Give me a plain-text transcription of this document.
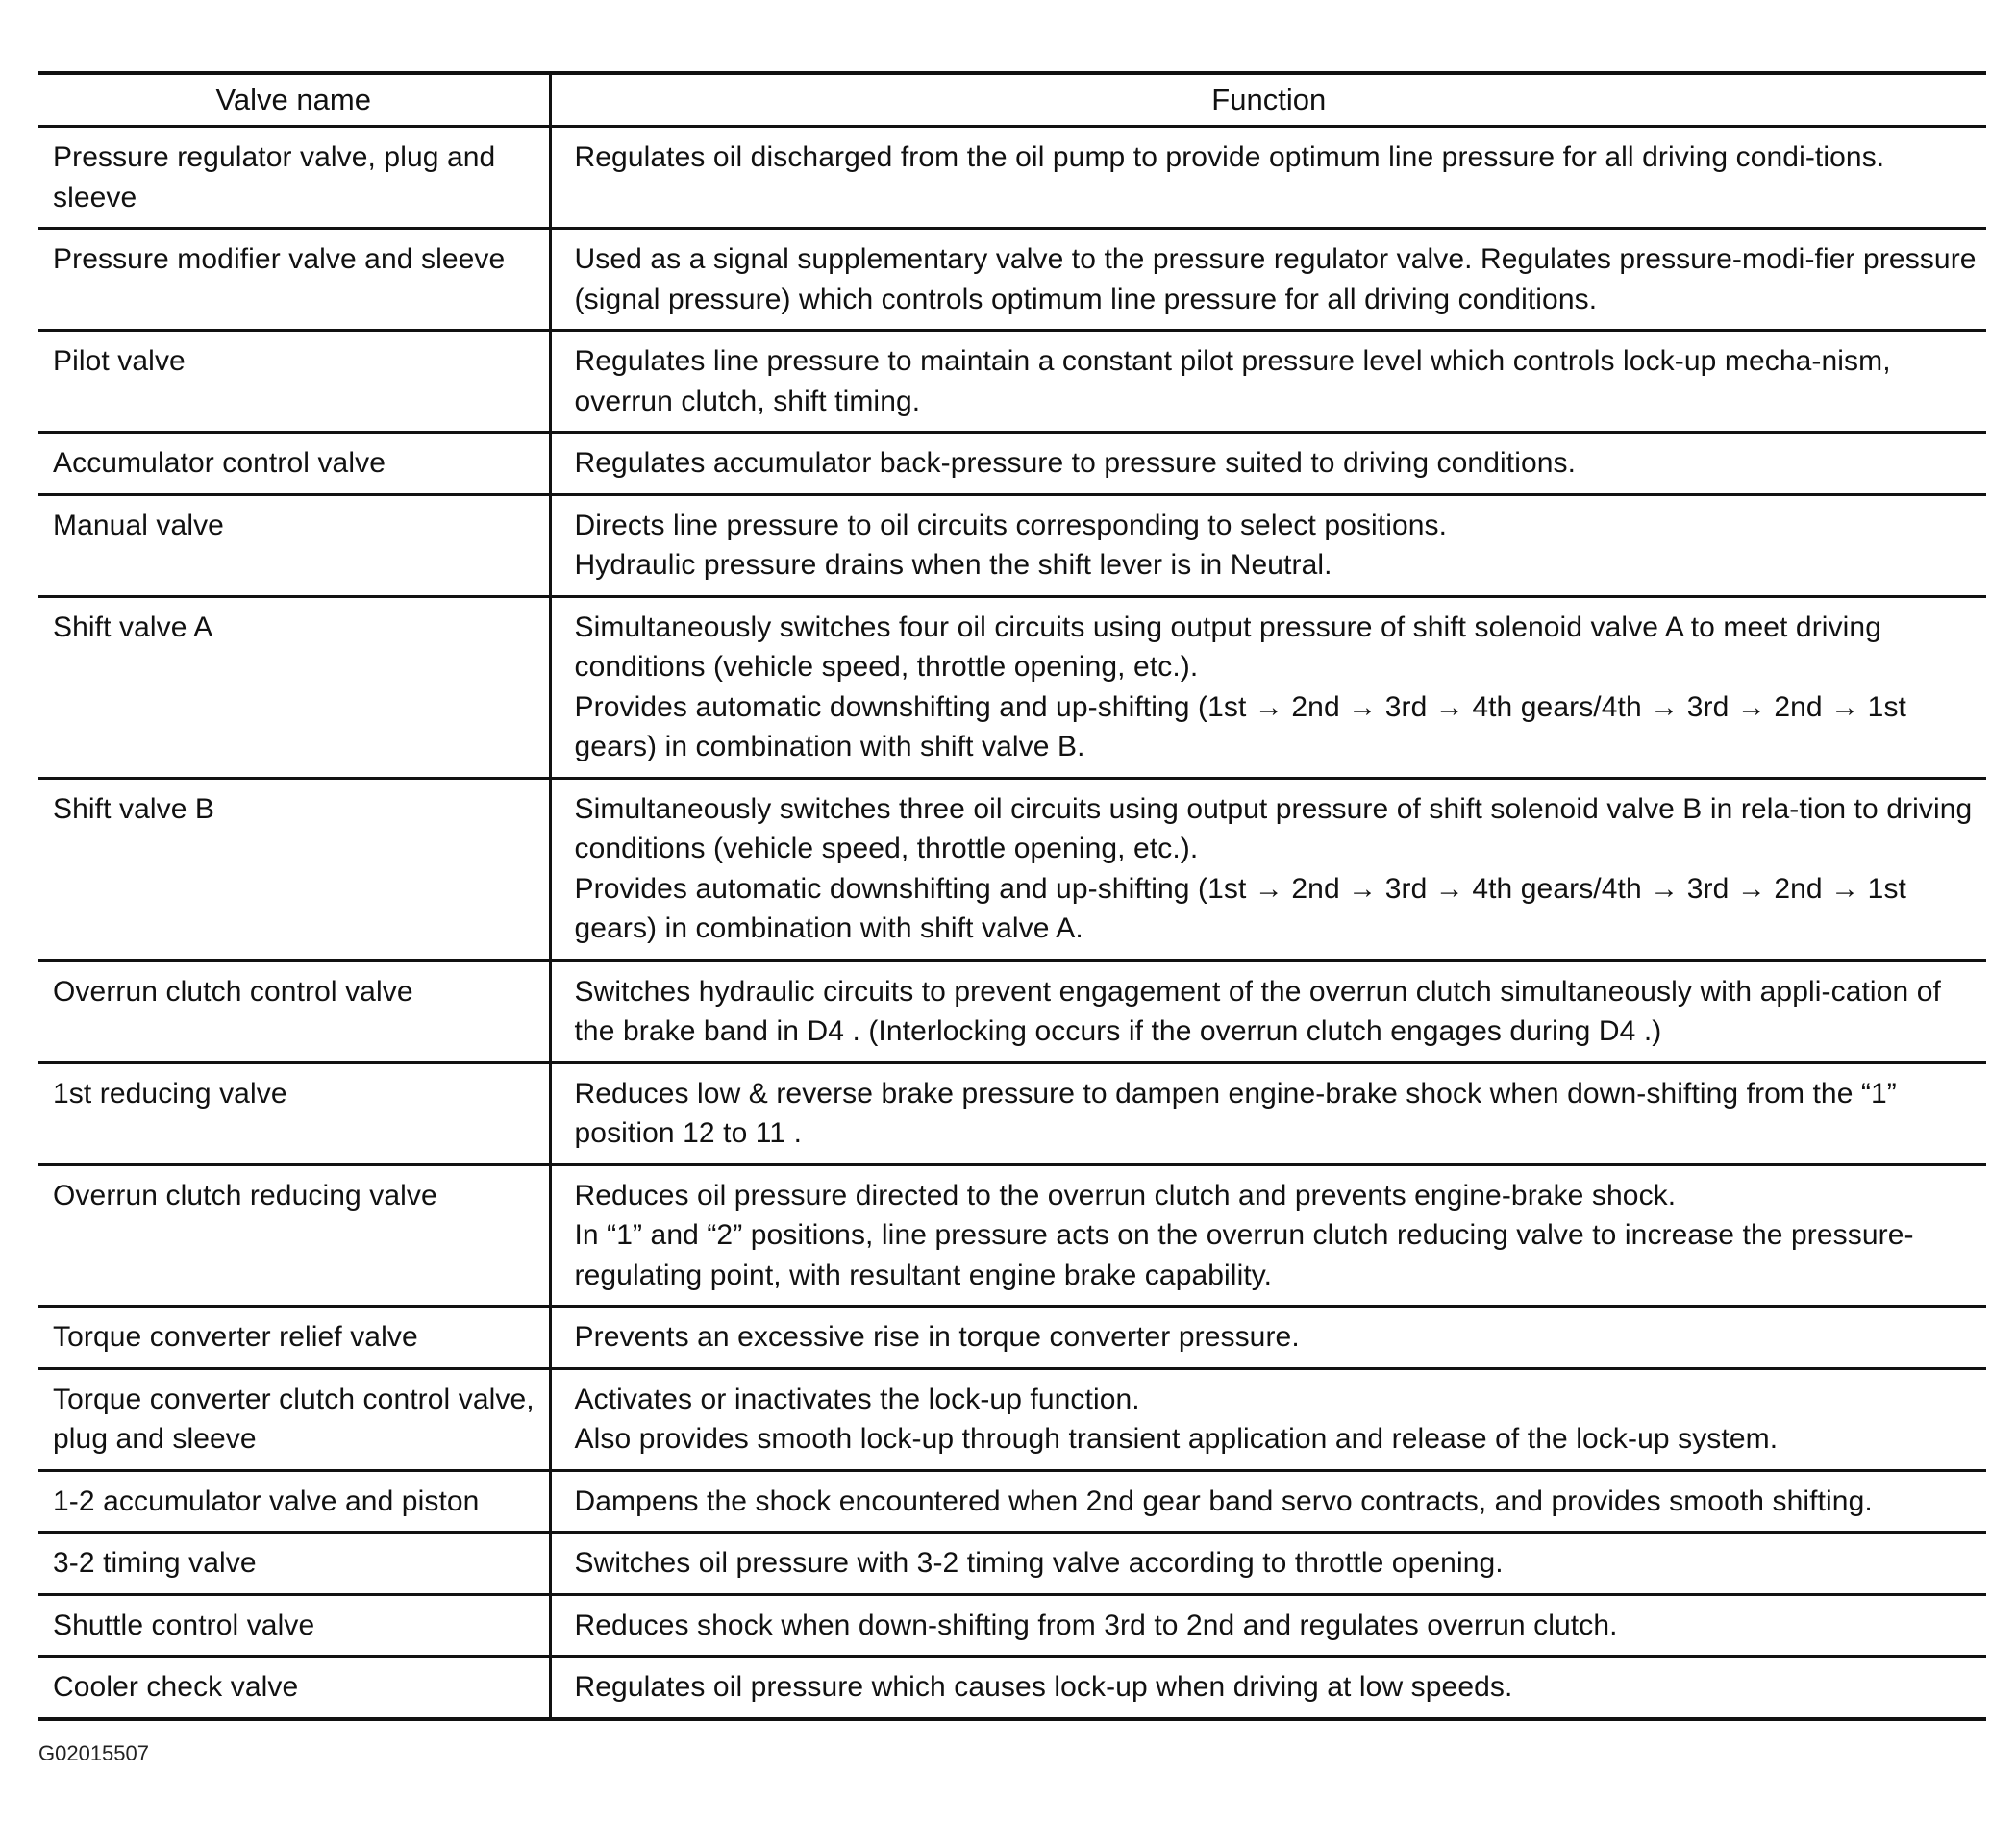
Valve name	Function
Pressure regulator valve, plug and sleeve	Regulates oil discharged from the oil pump to provide optimum line pressure for all driving condi-tions.

Pressure modifier valve and sleeve	Used as a signal supplementary valve to the pressure regulator valve. Regulates pressure-modi-fier pressure (signal pressure) which controls optimum line pressure for all driving conditions.

Pilot valve	Regulates line pressure to maintain a constant pilot pressure level which controls lock-up mecha-nism, overrun clutch, shift timing.

Accumulator control valve	Regulates accumulator back-pressure to pressure suited to driving conditions.

Manual valve	Directs line pressure to oil circuits corresponding to select positions.
Hydraulic pressure drains when the shift lever is in Neutral.

Shift valve A	Simultaneously switches four oil circuits using output pressure of shift solenoid valve A to meet driving conditions (vehicle speed, throttle opening, etc.).
Provides automatic downshifting and up-shifting (1st → 2nd → 3rd → 4th gears/4th → 3rd → 2nd → 1st gears) in combination with shift valve B.

Shift valve B	Simultaneously switches three oil circuits using output pressure of shift solenoid valve B in rela-tion to driving conditions (vehicle speed, throttle opening, etc.).
Provides automatic downshifting and up-shifting (1st → 2nd → 3rd → 4th gears/4th → 3rd → 2nd → 1st gears) in combination with shift valve A.

Overrun clutch control valve	Switches hydraulic circuits to prevent engagement of the overrun clutch simultaneously with appli-cation of the brake band in D4 . (Interlocking occurs if the overrun clutch engages during D4 .)

1st reducing valve	Reduces low & reverse brake pressure to dampen engine-brake shock when down-shifting from the “1” position 12 to 11 .

Overrun clutch reducing valve	Reduces oil pressure directed to the overrun clutch and prevents engine-brake shock.
In “1” and “2” positions, line pressure acts on the overrun clutch reducing valve to increase the pressure-regulating point, with resultant engine brake capability.

Torque converter relief valve	Prevents an excessive rise in torque converter pressure.

Torque converter clutch control valve, plug and sleeve	Activates or inactivates the lock-up function.
Also provides smooth lock-up through transient application and release of the lock-up system.

1-2 accumulator valve and piston	Dampens the shock encountered when 2nd gear band servo contracts, and provides smooth shifting.

3-2 timing valve	Switches oil pressure with 3-2 timing valve according to throttle opening.

Shuttle control valve	Reduces shock when down-shifting from 3rd to 2nd and regulates overrun clutch.

Cooler check valve	Regulates oil pressure which causes lock-up when driving at low speeds.
G02015507
